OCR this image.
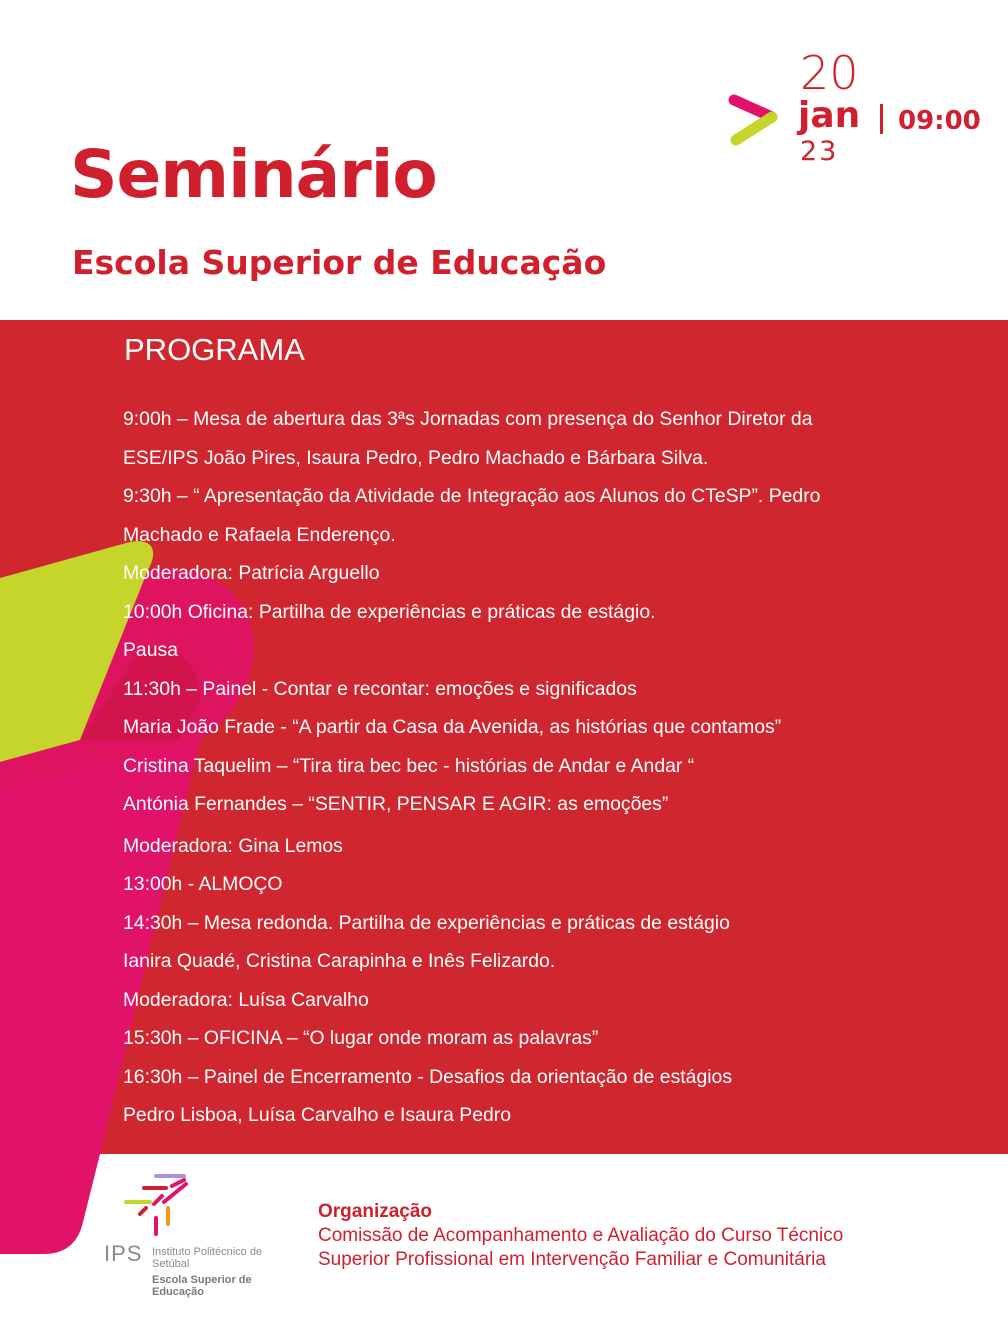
20
jan
23
09:00
Seminário
Escola Superior de Educação
PROGRAMA
9:00h – Mesa de abertura das 3ªs Jornadas com presença do Senhor Diretor da
ESE/IPS João Pires, Isaura Pedro, Pedro Machado e Bárbara Silva.
9:30h – “ Apresentação da Atividade de Integração aos Alunos do CTeSP”. Pedro
Machado e Rafaela Enderenço.
Moderadora: Patrícia Arguello
10:00h Oficina: Partilha de experiências e práticas de estágio.
Pausa
11:30h – Painel - Contar e recontar: emoções e significados
Maria João Frade - “A partir da Casa da Avenida, as histórias que contamos”
Cristina Taquelim – “Tira tira bec bec - histórias de Andar e Andar “
Antónia Fernandes – “SENTIR, PENSAR E AGIR: as emoções”
Moderadora: Gina Lemos
13:00h - ALMOÇO
14:30h – Mesa redonda. Partilha de experiências e práticas de estágio
Ianira Quadé, Cristina Carapinha e Inês Felizardo.
Moderadora: Luísa Carvalho
15:30h – OFICINA – “O lugar onde moram as palavras”
16:30h – Painel de Encerramento - Desafios da orientação de estágios
Pedro Lisboa, Luísa Carvalho e Isaura Pedro
IPS Instituto Politécnico de Setúbal
Escola Superior de Educação
Organização
Comissão de Acompanhamento e Avaliação do Curso Técnico
Superior Profissional em Intervenção Familiar e Comunitária
